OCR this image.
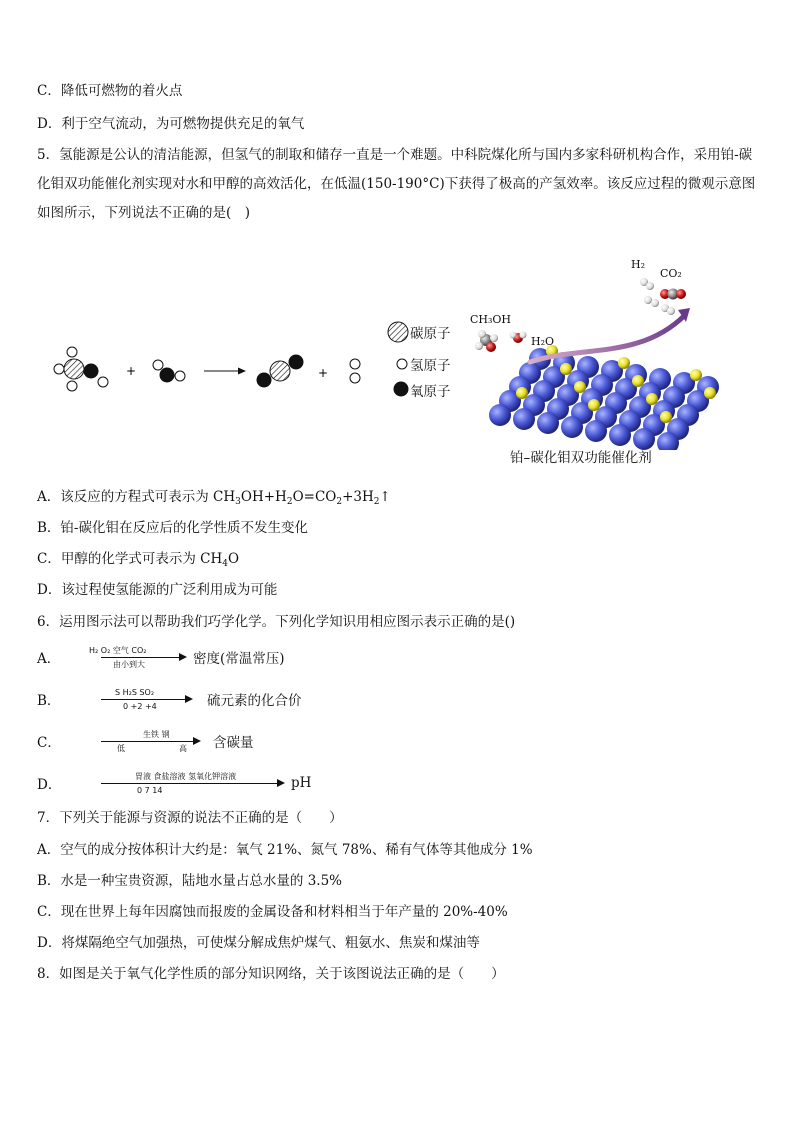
C．降低可燃物的着火点
D．利于空气流动，为可燃物提供充足的氧气
5．氢能源是公认的清洁能源，但氢气的制取和储存一直是一个难题。中科院煤化所与国内多家科研机构合作，采用铂-碳化钼双功能催化剂实现对水和甲醇的高效活化，在低温(150-190°C)下获得了极高的产氢效率。该反应过程的微观示意图如图所示，下列说法不正确的是(　)
+	+
碳原子
氢原子
氧原子
CH₃OH
H₂O
H₂
CO₂
铂–碳化钼双功能催化剂
A．该反应的方程式可表示为 $CH_3OH+H_2O=CO_2+3H_2↑$
B．铂-碳化钼在反应后的化学性质不发生变化
C．甲醇的化学式可表示为 $CH_4O$
D．该过程使氢能源的广泛利用成为可能
6．运用图示法可以帮助我们巧学化学。下列化学知识用相应图示表示正确的是()
A．
H₂ O₂ 空气 CO₂
由小到大	密度(常温常压)
B．
S H₂S SO₂
0 +2 +4	硫元素的化合价
C．
生铁 钢
低	高 含碳量
D．
胃液 食盐溶液 氢氧化钾溶液
0 7 14	pH
7．下列关于能源与资源的说法不正确的是（　　）
A．空气的成分按体积计大约是：氧气 21%、氮气 78%、稀有气体等其他成分 1%
B．水是一种宝贵资源，陆地水量占总水量的 3.5%
C．现在世界上每年因腐蚀而报废的金属设备和材料相当于年产量的 20%-40%
D．将煤隔绝空气加强热，可使煤分解成焦炉煤气、粗氨水、焦炭和煤油等
8．如图是关于氧气化学性质的部分知识网络，关于该图说法正确的是（　　）
